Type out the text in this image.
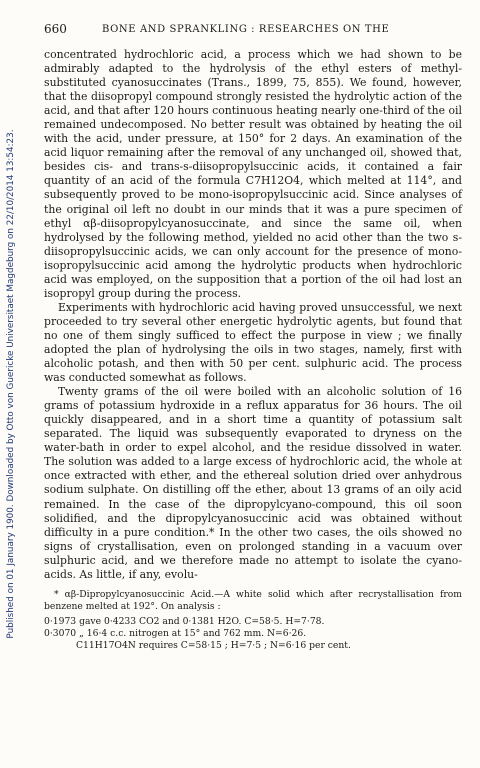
Published on 01 January 1900. Downloaded by Otto von Guericke Universitaet Magdeburg on 22/10/2014 13:54:23.
660	BONE AND SPRANKLING : RESEARCHES ON THE

concentrated hydrochloric acid, a process which we had shown to be admirably adapted to the hydrolysis of the ethyl esters of methyl-substituted cyanosuccinates (Trans., 1899, 75, 855). We found, however, that the diisopropyl compound strongly resisted the hydrolytic action of the acid, and that after 120 hours continuous heating nearly one-third of the oil remained undecomposed. No better result was obtained by heating the oil with the acid, under pressure, at 150° for 2 days. An examination of the acid liquor remaining after the removal of any unchanged oil, showed that, besides cis- and trans-s-diisopropylsuccinic acids, it contained a fair quantity of an acid of the formula C7H12O4, which melted at 114°, and subsequently proved to be mono-isopropylsuccinic acid. Since analyses of the original oil left no doubt in our minds that it was a pure specimen of ethyl αβ-diisopropylcyanosuccinate, and since the same oil, when hydrolysed by the following method, yielded no acid other than the two s-diisopropylsuccinic acids, we can only account for the presence of mono-isopropylsuccinic acid among the hydrolytic products when hydrochloric acid was employed, on the supposition that a portion of the oil had lost an isopropyl group during the process.

Experiments with hydrochloric acid having proved unsuccessful, we next proceeded to try several other energetic hydrolytic agents, but found that no one of them singly sufficed to effect the purpose in view ; we finally adopted the plan of hydrolysing the oils in two stages, namely, first with alcoholic potash, and then with 50 per cent. sulphuric acid. The process was conducted somewhat as follows.

Twenty grams of the oil were boiled with an alcoholic solution of 16 grams of potassium hydroxide in a reflux apparatus for 36 hours. The oil quickly disappeared, and in a short time a quantity of potassium salt separated. The liquid was subsequently evaporated to dryness on the water-bath in order to expel alcohol, and the residue dissolved in water. The solution was added to a large excess of hydrochloric acid, the whole at once extracted with ether, and the ethereal solution dried over anhydrous sodium sulphate. On distilling off the ether, about 13 grams of an oily acid remained. In the case of the dipropylcyano-compound, this oil soon solidified, and the dipropylcyanosuccinic acid was obtained without difficulty in a pure condition.* In the other two cases, the oils showed no signs of crystallisation, even on prolonged standing in a vacuum over sulphuric acid, and we therefore made no attempt to isolate the cyano-acids. As little, if any, evolu-

* αβ-Dipropylcyanosuccinic Acid.—A white solid which after recrystallisation from benzene melted at 192°. On analysis :

0·1973 gave 0·4233 CO2 and 0·1381 H2O. C=58·5. H=7·78.
0·3070 „ 16·4 c.c. nitrogen at 15° and 762 mm. N=6·26.
C11H17O4N requires C=58·15 ; H=7·5 ; N=6·16 per cent.
